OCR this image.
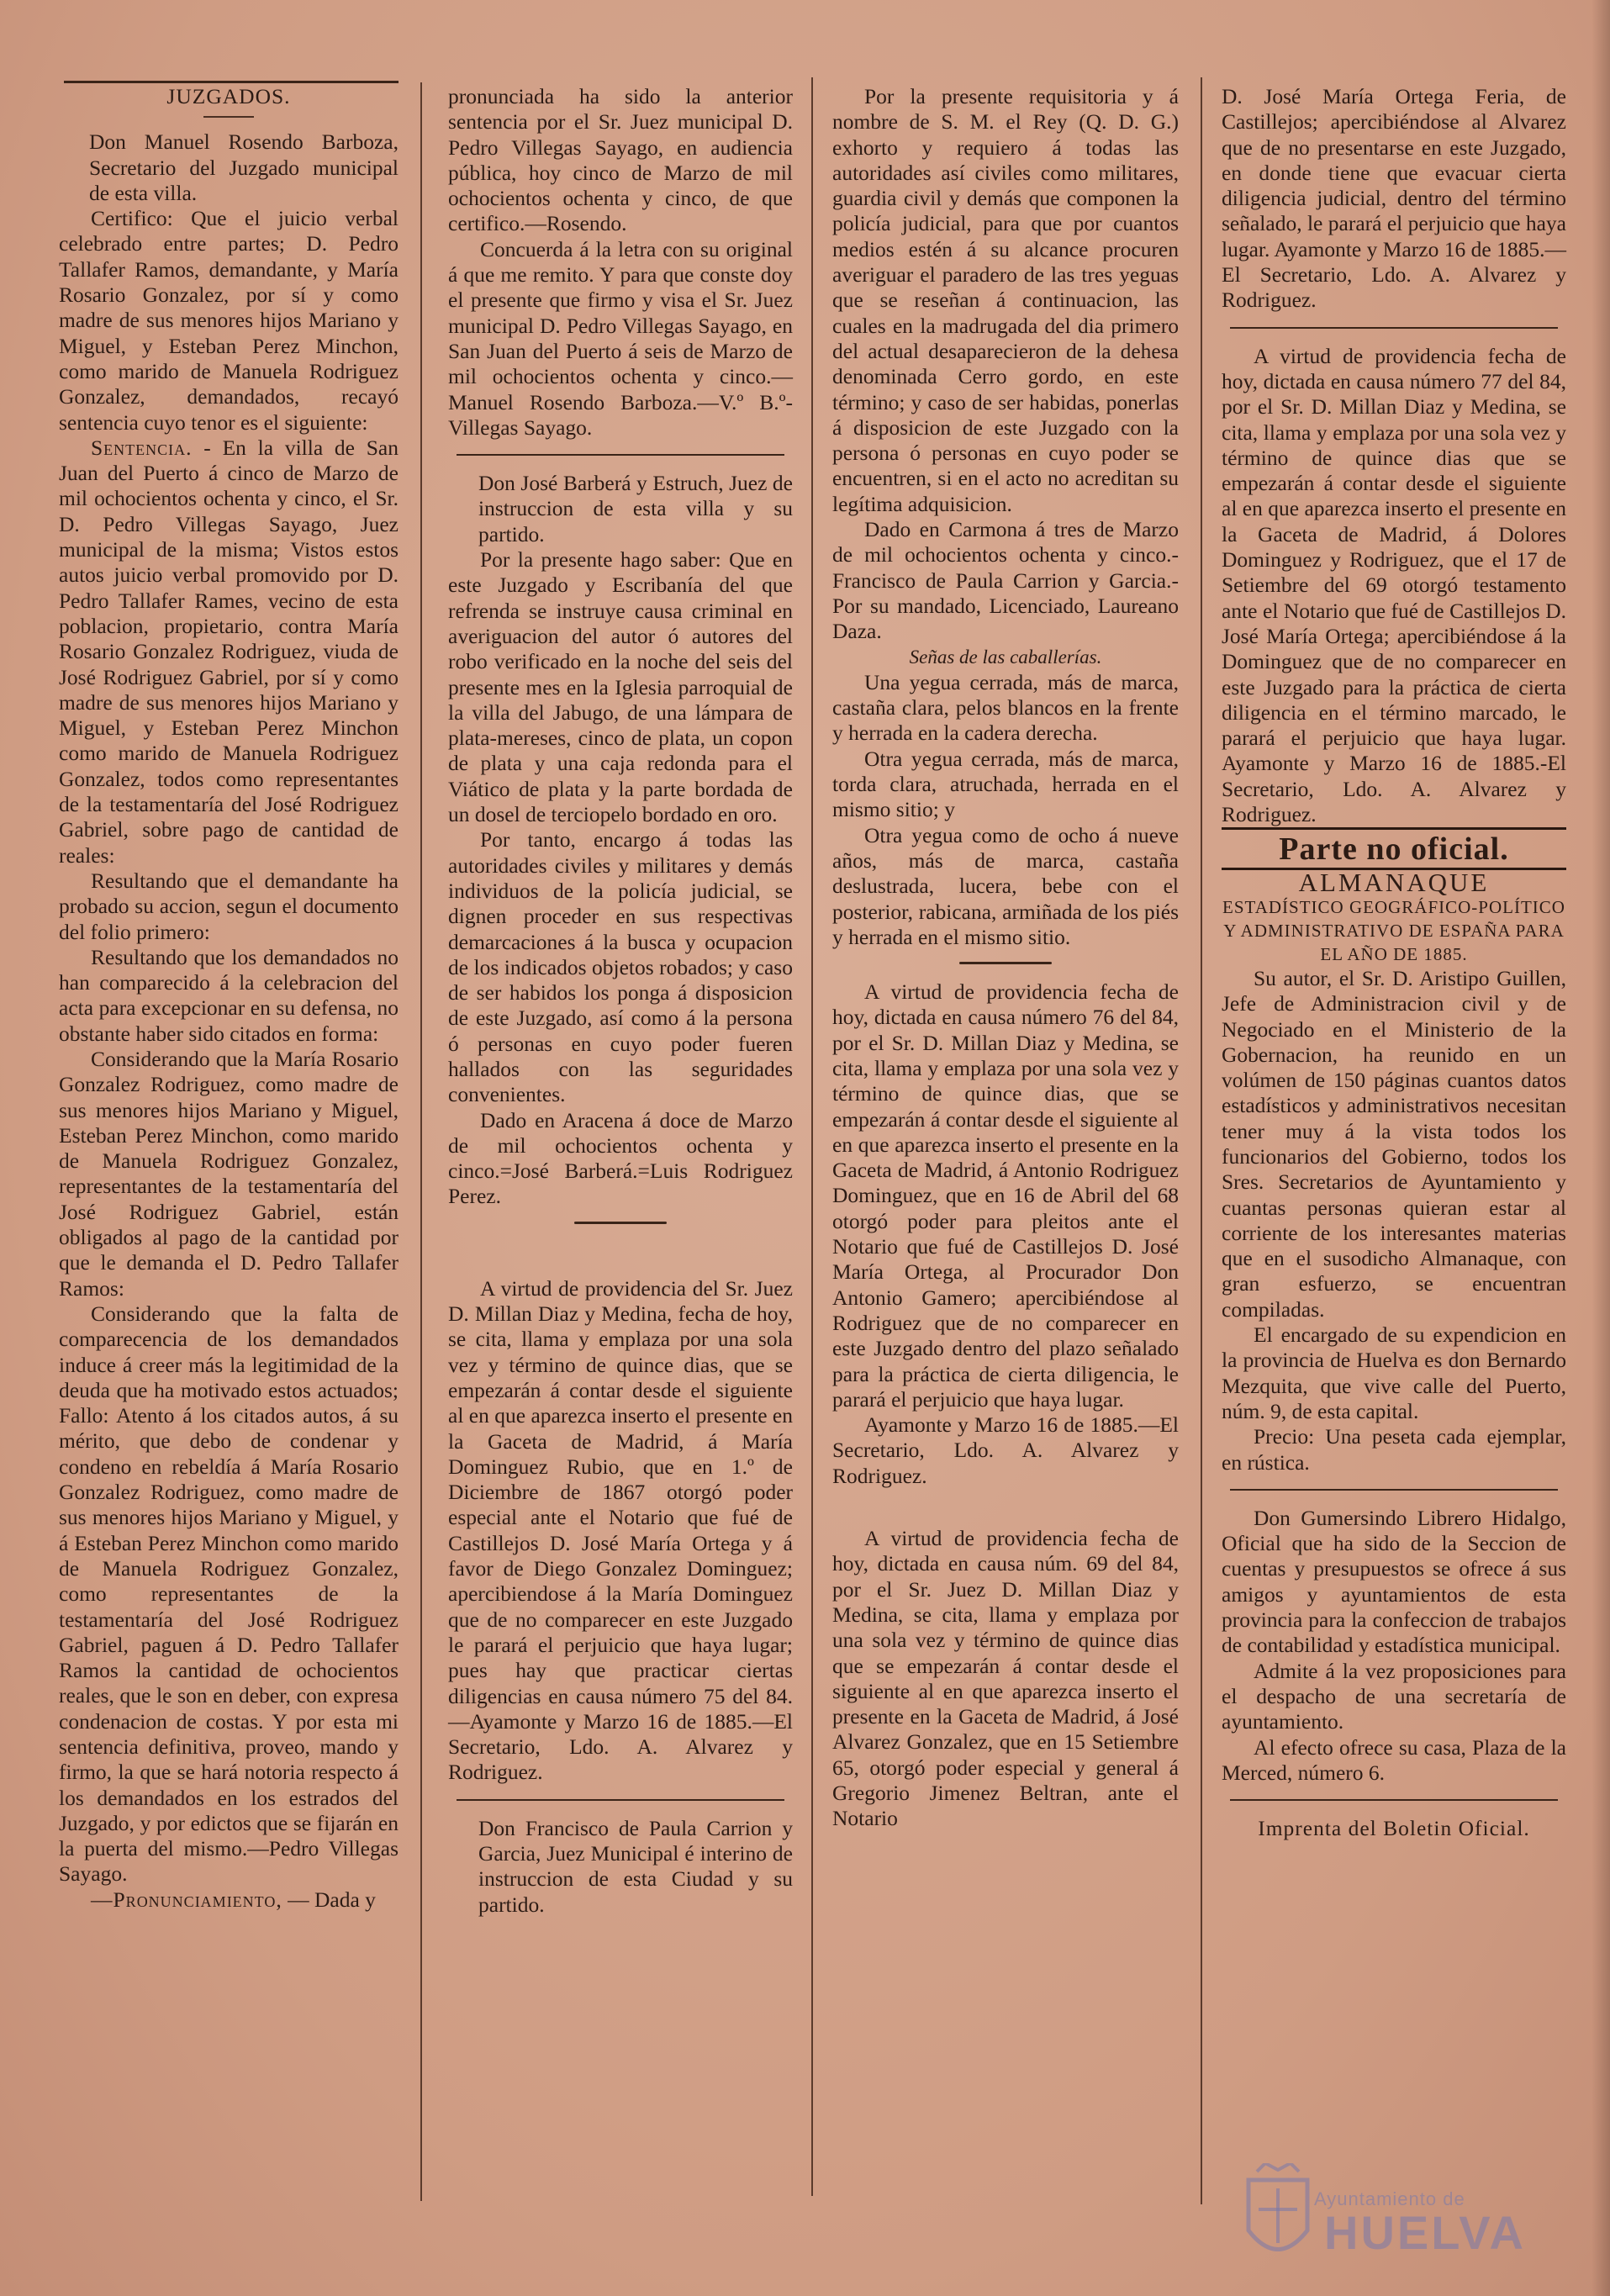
JUZGADOS.

Don Manuel Rosendo Barboza, Secretario del Juzgado municipal de esta villa.

Certifico: Que el juicio verbal celebrado entre partes; D. Pedro Tallafer Ramos, demandante, y María Rosario Gonzalez, por sí y como madre de sus menores hijos Mariano y Miguel, y Esteban Perez Minchon, como marido de Manuela Rodriguez Gonzalez, demandados, recayó sentencia cuyo tenor es el siguiente:

Sentencia. - En la villa de San Juan del Puerto á cinco de Marzo de mil ochocientos ochenta y cinco, el Sr. D. Pedro Villegas Sayago, Juez municipal de la misma; Vistos estos autos juicio verbal promovido por D. Pedro Tallafer Rames, vecino de esta poblacion, propietario, contra María Rosario Gonzalez Rodriguez, viuda de José Rodriguez Gabriel, por sí y como madre de sus menores hijos Mariano y Miguel, y Esteban Perez Minchon como marido de Manuela Rodriguez Gonzalez, todos como representantes de la testamentaría del José Rodriguez Gabriel, sobre pago de cantidad de reales:

Resultando que el demandante ha probado su accion, segun el documento del folio primero:

Resultando que los demandados no han comparecido á la celebracion del acta para excepcionar en su defensa, no obstante haber sido citados en forma:

Considerando que la María Rosario Gonzalez Rodriguez, como madre de sus menores hijos Mariano y Miguel, Esteban Perez Minchon, como marido de Manuela Rodriguez Gonzalez, representantes de la testamentaría del José Rodriguez Gabriel, están obligados al pago de la cantidad por que le demanda el D. Pedro Tallafer Ramos:

Considerando que la falta de comparecencia de los demandados induce á creer más la legitimidad de la deuda que ha motivado estos actuados; Fallo: Atento á los citados autos, á su mérito, que debo de condenar y condeno en rebeldía á María Rosario Gonzalez Rodriguez, como madre de sus menores hijos Mariano y Miguel, y á Esteban Perez Minchon como marido de Manuela Rodriguez Gonzalez, como representantes de la testamentaría del José Rodriguez Gabriel, paguen á D. Pedro Tallafer Ramos la cantidad de ochocientos reales, que le son en deber, con expresa condenacion de costas. Y por esta mi sentencia definitiva, proveo, mando y firmo, la que se hará notoria respecto á los demandados en los estrados del Juzgado, y por edictos que se fijarán en la puerta del mismo.—Pedro Villegas Sayago.

—Pronunciamiento, — Dada y

pronunciada ha sido la anterior sentencia por el Sr. Juez municipal D. Pedro Villegas Sayago, en audiencia pública, hoy cinco de Marzo de mil ochocientos ochenta y cinco, de que certifico.—Rosendo.

Concuerda á la letra con su original á que me remito. Y para que conste doy el presente que firmo y visa el Sr. Juez municipal D. Pedro Villegas Sayago, en San Juan del Puerto á seis de Marzo de mil ochocientos ochenta y cinco.—Manuel Rosendo Barboza.—V.º B.º-Villegas Sayago.

Don José Barberá y Estruch, Juez de instruccion de esta villa y su partido.

Por la presente hago saber: Que en este Juzgado y Escribanía del que refrenda se instruye causa criminal en averiguacion del autor ó autores del robo verificado en la noche del seis del presente mes en la Iglesia parroquial de la villa del Jabugo, de una lámpara de plata-mereses, cinco de plata, un copon de plata y una caja redonda para el Viático de plata y la parte bordada de un dosel de terciopelo bordado en oro.

Por tanto, encargo á todas las autoridades civiles y militares y demás individuos de la policía judicial, se dignen proceder en sus respectivas demarcaciones á la busca y ocupacion de los indicados objetos robados; y caso de ser habidos los ponga á disposicion de este Juzgado, así como á la persona ó personas en cuyo poder fueren hallados con las seguridades convenientes.

Dado en Aracena á doce de Marzo de mil ochocientos ochenta y cinco.=José Barberá.=Luis Rodriguez Perez.

A virtud de providencia del Sr. Juez D. Millan Diaz y Medina, fecha de hoy, se cita, llama y emplaza por una sola vez y término de quince dias, que se empezarán á contar desde el siguiente al en que aparezca inserto el presente en la Gaceta de Madrid, á María Dominguez Rubio, que en 1.º de Diciembre de 1867 otorgó poder especial ante el Notario que fué de Castillejos D. José María Ortega y á favor de Diego Gonzalez Dominguez; apercibiendose á la María Dominguez que de no comparecer en este Juzgado le parará el perjuicio que haya lugar; pues hay que practicar ciertas diligencias en causa número 75 del 84.—Ayamonte y Marzo 16 de 1885.—El Secretario, Ldo. A. Alvarez y Rodriguez.

Don Francisco de Paula Carrion y Garcia, Juez Municipal é interino de instruccion de esta Ciudad y su partido.

Por la presente requisitoria y á nombre de S. M. el Rey (Q. D. G.) exhorto y requiero á todas las autoridades así civiles como militares, guardia civil y demás que componen la policía judicial, para que por cuantos medios estén á su alcance procuren averiguar el paradero de las tres yeguas que se reseñan á continuacion, las cuales en la madrugada del dia primero del actual desaparecieron de la dehesa denominada Cerro gordo, en este término; y caso de ser habidas, ponerlas á disposicion de este Juzgado con la persona ó personas en cuyo poder se encuentren, si en el acto no acreditan su legítima adquisicion.

Dado en Carmona á tres de Marzo de mil ochocientos ochenta y cinco.-Francisco de Paula Carrion y Garcia.-Por su mandado, Licenciado, Laureano Daza.

Señas de las caballerías.

Una yegua cerrada, más de marca, castaña clara, pelos blancos en la frente y herrada en la cadera derecha.

Otra yegua cerrada, más de marca, torda clara, atruchada, herrada en el mismo sitio; y

Otra yegua como de ocho á nueve años, más de marca, castaña deslustrada, lucera, bebe con el posterior, rabicana, armiñada de los piés y herrada en el mismo sitio.

A virtud de providencia fecha de hoy, dictada en causa número 76 del 84, por el Sr. D. Millan Diaz y Medina, se cita, llama y emplaza por una sola vez y término de quince dias, que se empezarán á contar desde el siguiente al en que aparezca inserto el presente en la Gaceta de Madrid, á Antonio Rodriguez Dominguez, que en 16 de Abril del 68 otorgó poder para pleitos ante el Notario que fué de Castillejos D. José María Ortega, al Procurador Don Antonio Gamero; apercibiéndose al Rodriguez que de no comparecer en este Juzgado dentro del plazo señalado para la práctica de cierta diligencia, le parará el perjuicio que haya lugar.

Ayamonte y Marzo 16 de 1885.—El Secretario, Ldo. A. Alvarez y Rodriguez.

A virtud de providencia fecha de hoy, dictada en causa núm. 69 del 84, por el Sr. Juez D. Millan Diaz y Medina, se cita, llama y emplaza por una sola vez y término de quince dias que se empezarán á contar desde el siguiente al en que aparezca inserto el presente en la Gaceta de Madrid, á José Alvarez Gonzalez, que en 15 Setiembre 65, otorgó poder especial y general á Gregorio Jimenez Beltran, ante el Notario

D. José María Ortega Feria, de Castillejos; apercibiéndose al Alvarez que de no presentarse en este Juzgado, en donde tiene que evacuar cierta diligencia judicial, dentro del término señalado, le parará el perjuicio que haya lugar. Ayamonte y Marzo 16 de 1885.—El Secretario, Ldo. A. Alvarez y Rodriguez.

A virtud de providencia fecha de hoy, dictada en causa número 77 del 84, por el Sr. D. Millan Diaz y Medina, se cita, llama y emplaza por una sola vez y término de quince dias que se empezarán á contar desde el siguiente al en que aparezca inserto el presente en la Gaceta de Madrid, á Dolores Dominguez y Rodriguez, que el 17 de Setiembre del 69 otorgó testamento ante el Notario que fué de Castillejos D. José María Ortega; apercibiéndose á la Dominguez que de no comparecer en este Juzgado para la práctica de cierta diligencia en el término marcado, le parará el perjuicio que haya lugar. Ayamonte y Marzo 16 de 1885.-El Secretario, Ldo. A. Alvarez y Rodriguez.

Parte no oficial.

ALMANAQUE

ESTADÍSTICO GEOGRÁFICO-POLÍTICO Y ADMINISTRATIVO DE ESPAÑA PARA EL AÑO DE 1885.

Su autor, el Sr. D. Aristipo Guillen, Jefe de Administracion civil y de Negociado en el Ministerio de la Gobernacion, ha reunido en un volúmen de 150 páginas cuantos datos estadísticos y administrativos necesitan tener muy á la vista todos los funcionarios del Gobierno, todos los Sres. Secretarios de Ayuntamiento y cuantas personas quieran estar al corriente de los interesantes materias que en el susodicho Almanaque, con gran esfuerzo, se encuentran compiladas.

El encargado de su expendicion en la provincia de Huelva es don Bernardo Mezquita, que vive calle del Puerto, núm. 9, de esta capital.

Precio: Una peseta cada ejemplar, en rústica.

Don Gumersindo Librero Hidalgo, Oficial que ha sido de la Seccion de cuentas y presupuestos se ofrece á sus amigos y ayuntamientos de esta provincia para la confeccion de trabajos de contabilidad y estadística municipal.

Admite á la vez proposiciones para el despacho de una secretaría de ayuntamiento.

Al efecto ofrece su casa, Plaza de la Merced, número 6.

Imprenta del Boletin Oficial.

Ayuntamiento de
HUELVA
